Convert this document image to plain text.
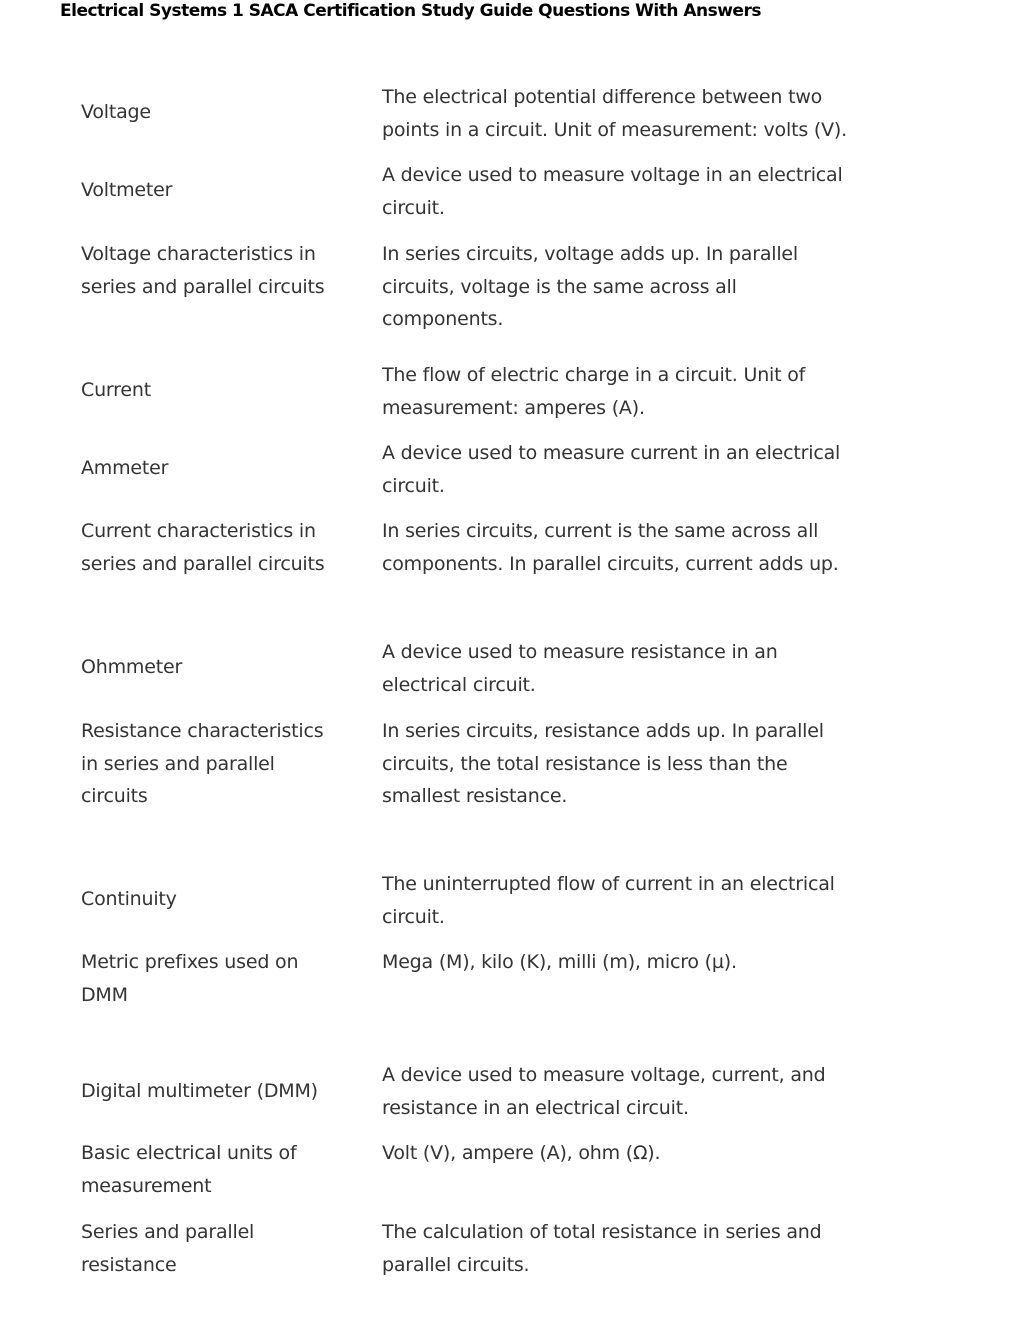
Electrical Systems 1 SACA Certification Study Guide Questions With Answers
Voltage
The electrical potential difference between two points in a circuit. Unit of measurement: volts (V).
Voltmeter
A device used to measure voltage in an electrical circuit.
Voltage characteristics in series and parallel circuits
In series circuits, voltage adds up. In parallel circuits, voltage is the same across all components.
Current
The flow of electric charge in a circuit. Unit of measurement: amperes (A).
Ammeter
A device used to measure current in an electrical circuit.
Current characteristics in series and parallel circuits
In series circuits, current is the same across all components. In parallel circuits, current adds up.
Ohmmeter
A device used to measure resistance in an electrical circuit.
Resistance characteristics in series and parallel circuits
In series circuits, resistance adds up. In parallel circuits, the total resistance is less than the smallest resistance.
Continuity
The uninterrupted flow of current in an electrical circuit.
Metric prefixes used on DMM
Mega (M), kilo (K), milli (m), micro (µ).
Digital multimeter (DMM)
A device used to measure voltage, current, and resistance in an electrical circuit.
Basic electrical units of measurement
Volt (V), ampere (A), ohm (Ω).
Series and parallel resistance
The calculation of total resistance in series and parallel circuits.
